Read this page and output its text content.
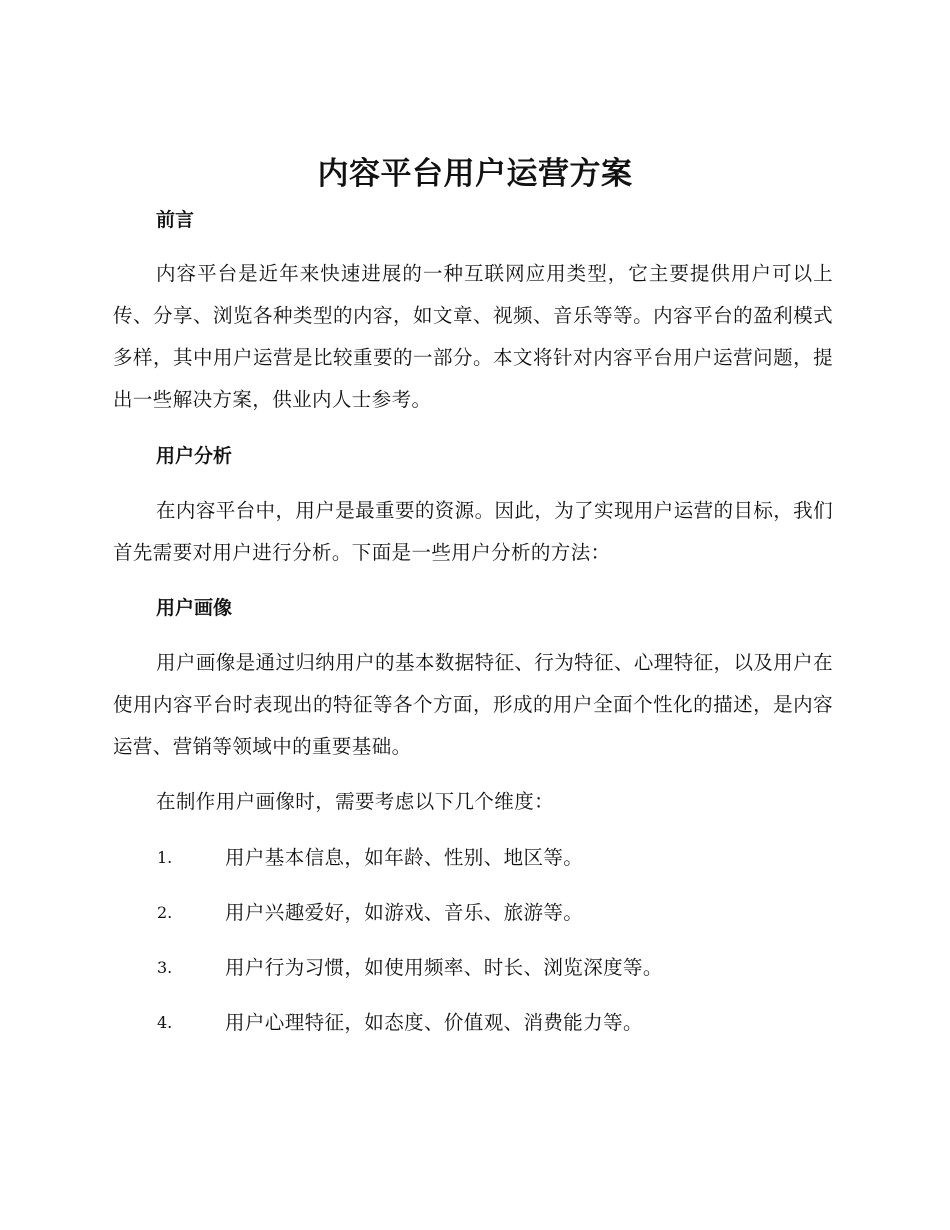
内容平台用户运营方案
前言
内容平台是近年来快速进展的一种互联网应用类型，它主要提供用户可以上传、分享、浏览各种类型的内容，如文章、视频、音乐等等。内容平台的盈利模式多样，其中用户运营是比较重要的一部分。本文将针对内容平台用户运营问题，提出一些解决方案，供业内人士参考。
用户分析
在内容平台中，用户是最重要的资源。因此，为了实现用户运营的目标，我们首先需要对用户进行分析。下面是一些用户分析的方法：
用户画像
用户画像是通过归纳用户的基本数据特征、行为特征、心理特征，以及用户在使用内容平台时表现出的特征等各个方面，形成的用户全面个性化的描述，是内容运营、营销等领域中的重要基础。
在制作用户画像时，需要考虑以下几个维度：
1.	用户基本信息，如年龄、性别、地区等。
2.	用户兴趣爱好，如游戏、音乐、旅游等。
3.	用户行为习惯，如使用频率、时长、浏览深度等。
4.	用户心理特征，如态度、价值观、消费能力等。
